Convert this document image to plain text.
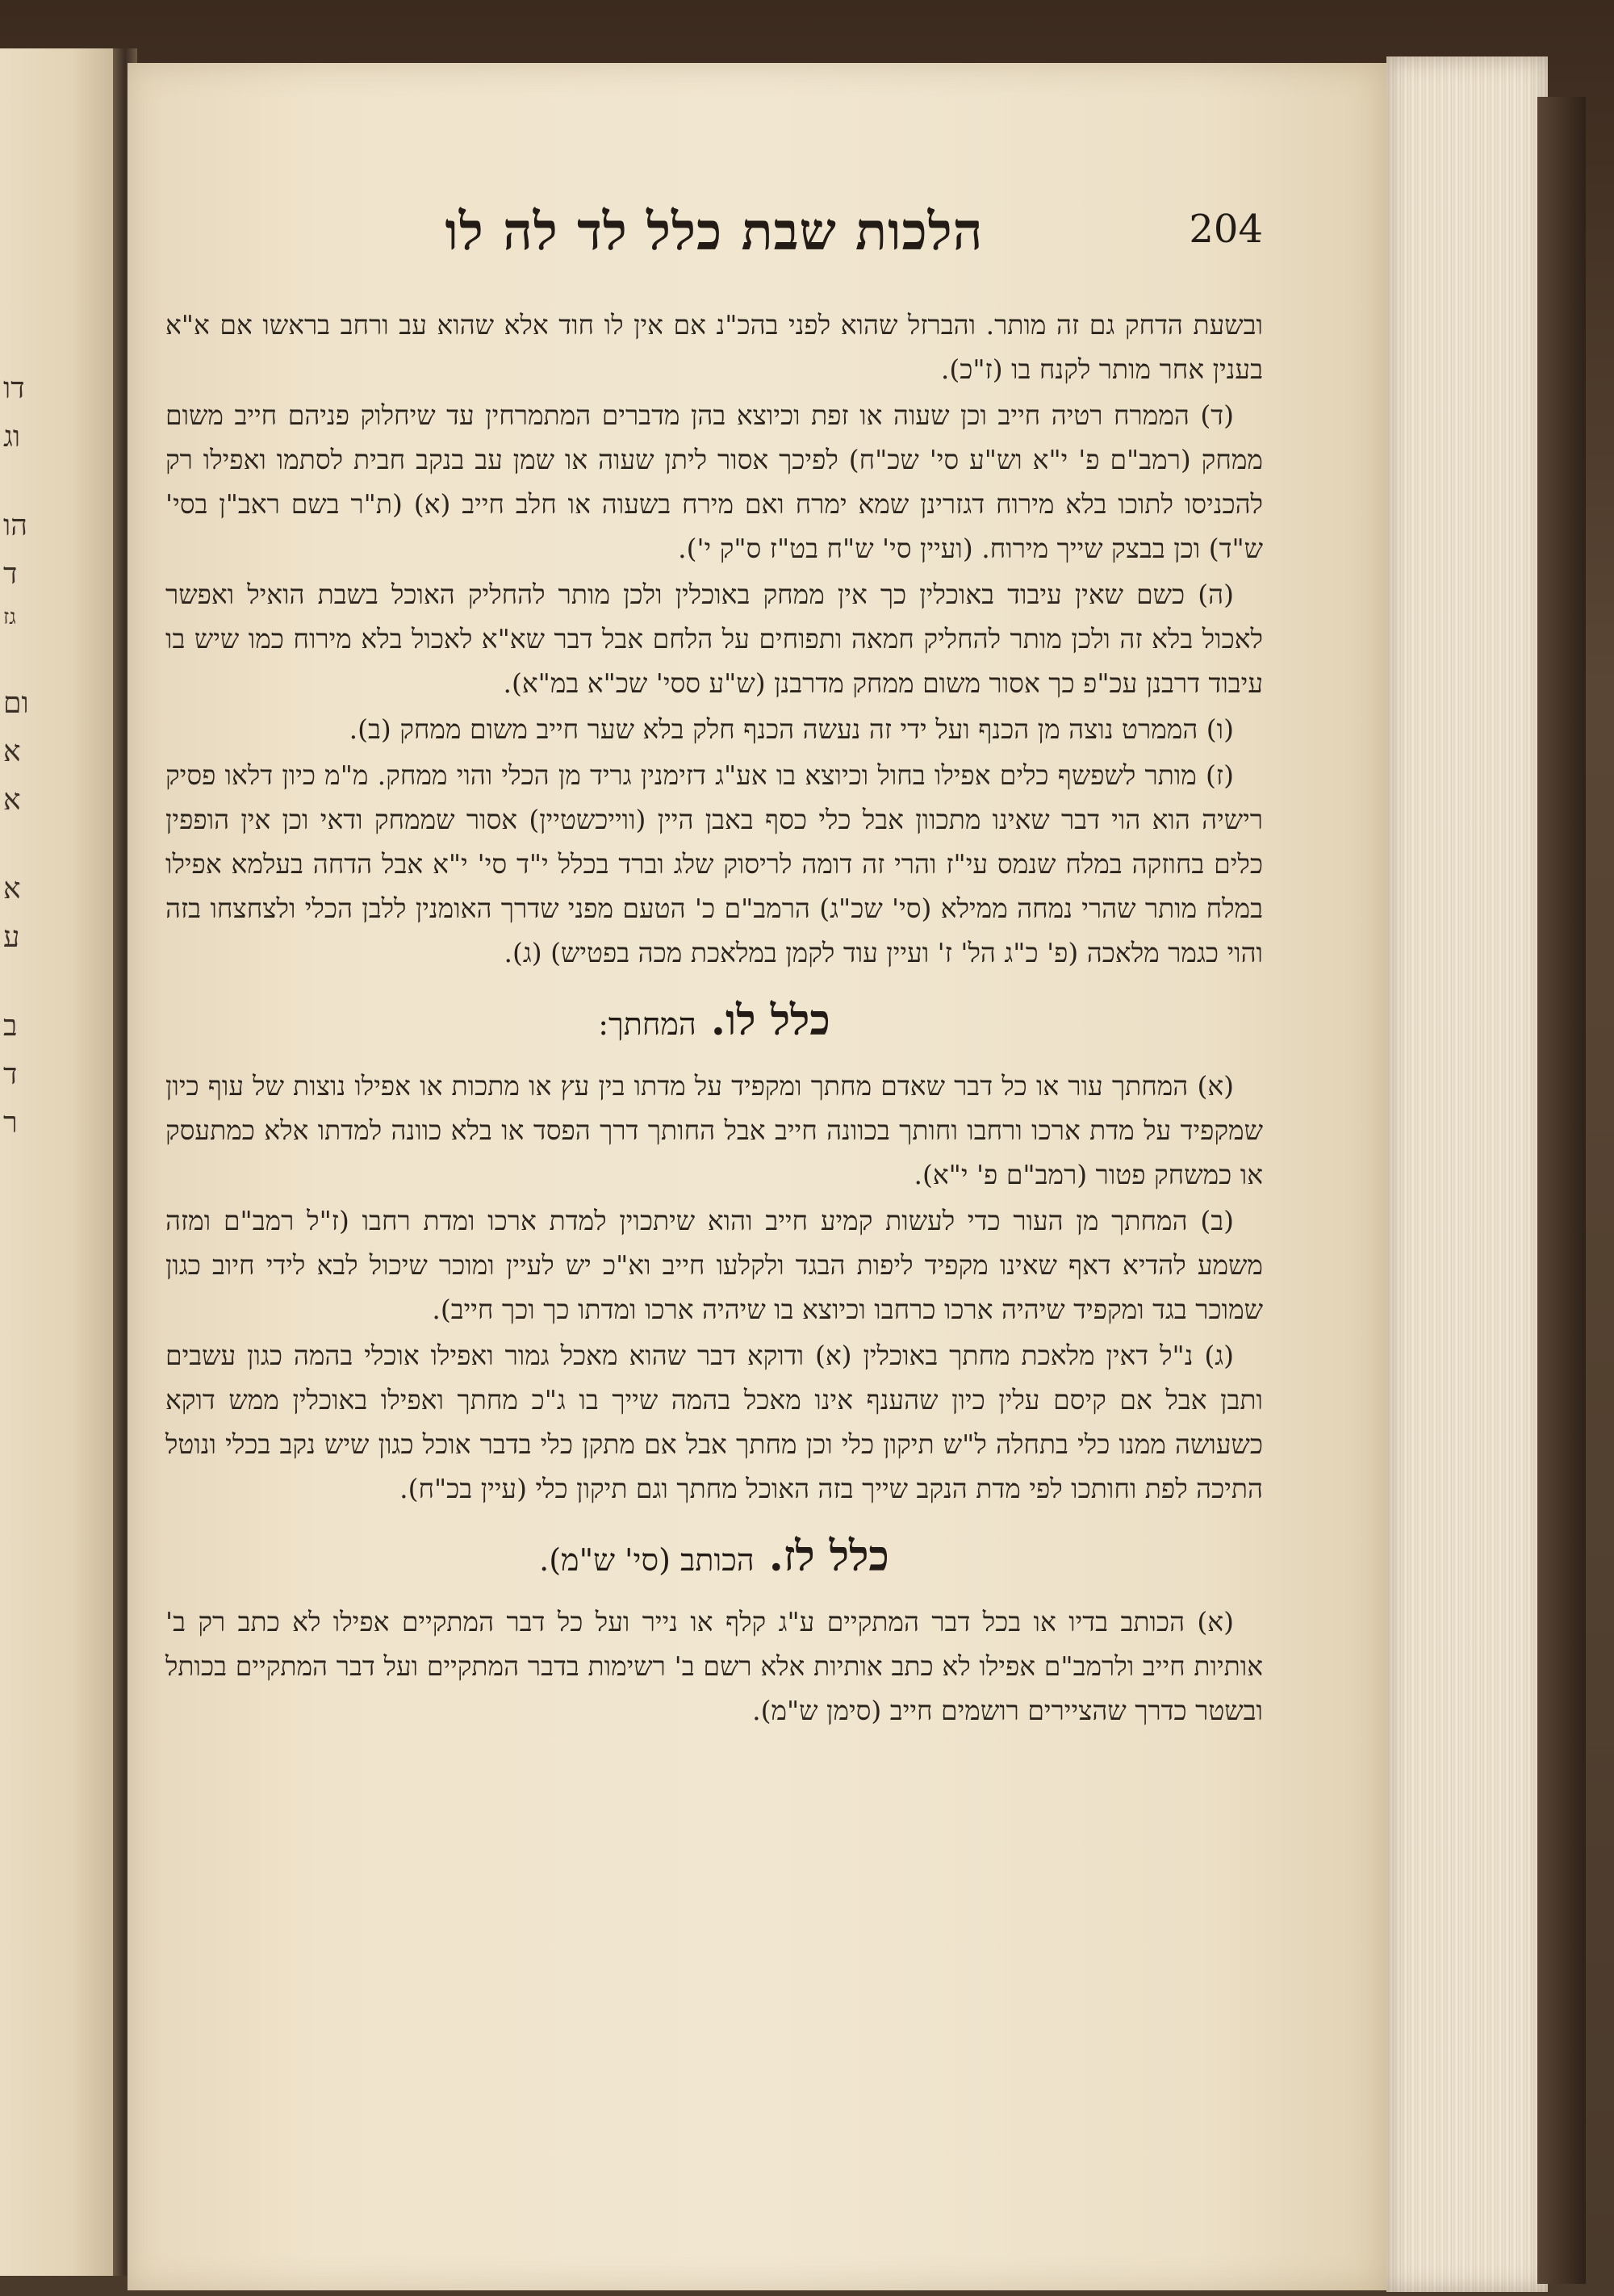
דו
וג
הו
ד
גז
ום
א
א
א
ע
ב
ד
ר
הלכות שבת כלל לד לה לו	204

ובשעת הדחק גם זה מותר. והברזל שהוא לפני בהכ"נ אם אין לו חוד אלא שהוא עב ורחב בראשו אם א"א בענין אחר מותר לקנח בו (ז"כ).

(ד) הממרח רטיה חייב וכן שעוה או זפת וכיוצא בהן מדברים המתמרחין עד שיחלוק פניהם חייב משום ממחק (רמב"ם פ' י"א וש"ע סי' שכ"ח) לפיכך אסור ליתן שעוה או שמן עב בנקב חבית לסתמו ואפילו רק להכניסו לתוכו בלא מירוח דגזרינן שמא ימרח ואם מירח בשעוה או חלב חייב (א) (ת"ר בשם ראב"ן בסי' ש"ד) וכן בבצק שייך מירוח. (ועיין סי' ש"ח בט"ז ס"ק י').

(ה) כשם שאין עיבוד באוכלין כך אין ממחק באוכלין ולכן מותר להחליק האוכל בשבת הואיל ואפשר לאכול בלא זה ולכן מותר להחליק חמאה ותפוחים על הלחם אבל דבר שא"א לאכול בלא מירוח כמו שיש בו עיבוד דרבנן עכ"פ כך אסור משום ממחק מדרבנן (ש"ע ססי' שכ"א במ"א).

(ו) הממרט נוצה מן הכנף ועל ידי זה נעשה הכנף חלק בלא שער חייב משום ממחק (ב).

(ז) מותר לשפשף כלים אפילו בחול וכיוצא בו אע"ג דזימנין גריד מן הכלי והוי ממחק. מ"מ כיון דלאו פסיק רישיה הוא הוי דבר שאינו מתכוון אבל כלי כסף באבן היין (ווייכשטיין) אסור שממחק ודאי וכן אין הופפין כלים בחוזקה במלח שנמס עי"ז והרי זה דומה לריסוק שלג וברד בכלל י"ד סי' י"א אבל הדחה בעלמא אפילו במלח מותר שהרי נמחה ממילא (סי' שכ"ג) הרמב"ם כ' הטעם מפני שדרך האומנין ללבן הכלי ולצחצחו בזה והוי כגמר מלאכה (פ' כ"ג הל' ז' ועיין עוד לקמן במלאכת מכה בפטיש) (ג).

כלל לו. המחתך:

(א) המחתך עור או כל דבר שאדם מחתך ומקפיד על מדתו בין עץ או מתכות או אפילו נוצות של עוף כיון שמקפיד על מדת ארכו ורחבו וחותך בכוונה חייב אבל החותך דרך הפסד או בלא כוונה למדתו אלא כמתעסק או כמשחק פטור (רמב"ם פ' י"א).

(ב) המחתך מן העור כדי לעשות קמיע חייב והוא שיתכוין למדת ארכו ומדת רחבו (ז"ל רמב"ם ומזה משמע להדיא דאף שאינו מקפיד ליפות הבגד ולקלעו חייב וא"כ יש לעיין ומוכר שיכול לבא לידי חיוב כגון שמוכר בגד ומקפיד שיהיה ארכו כרחבו וכיוצא בו שיהיה ארכו ומדתו כך וכך חייב).

(ג) נ"ל דאין מלאכת מחתך באוכלין (א) ודוקא דבר שהוא מאכל גמור ואפילו אוכלי בהמה כגון עשבים ותבן אבל אם קיסם עלין כיון שהענף אינו מאכל בהמה שייך בו ג"כ מחתך ואפילו באוכלין ממש דוקא כשעושה ממנו כלי בתחלה ל"ש תיקון כלי וכן מחתך אבל אם מתקן כלי בדבר אוכל כגון שיש נקב בכלי ונוטל התיכה לפת וחותכו לפי מדת הנקב שייך בזה האוכל מחתך וגם תיקון כלי (עיין בכ"ח).

כלל לז. הכותב (סי' ש"מ).

(א) הכותב בדיו או בכל דבר המתקיים ע"ג קלף או נייר ועל כל דבר המתקיים אפילו לא כתב רק ב' אותיות חייב ולרמב"ם אפילו לא כתב אותיות אלא רשם ב' רשימות בדבר המתקיים ועל דבר המתקיים בכותל ובשטר כדרך שהציירים רושמים חייב (סימן ש"מ).
